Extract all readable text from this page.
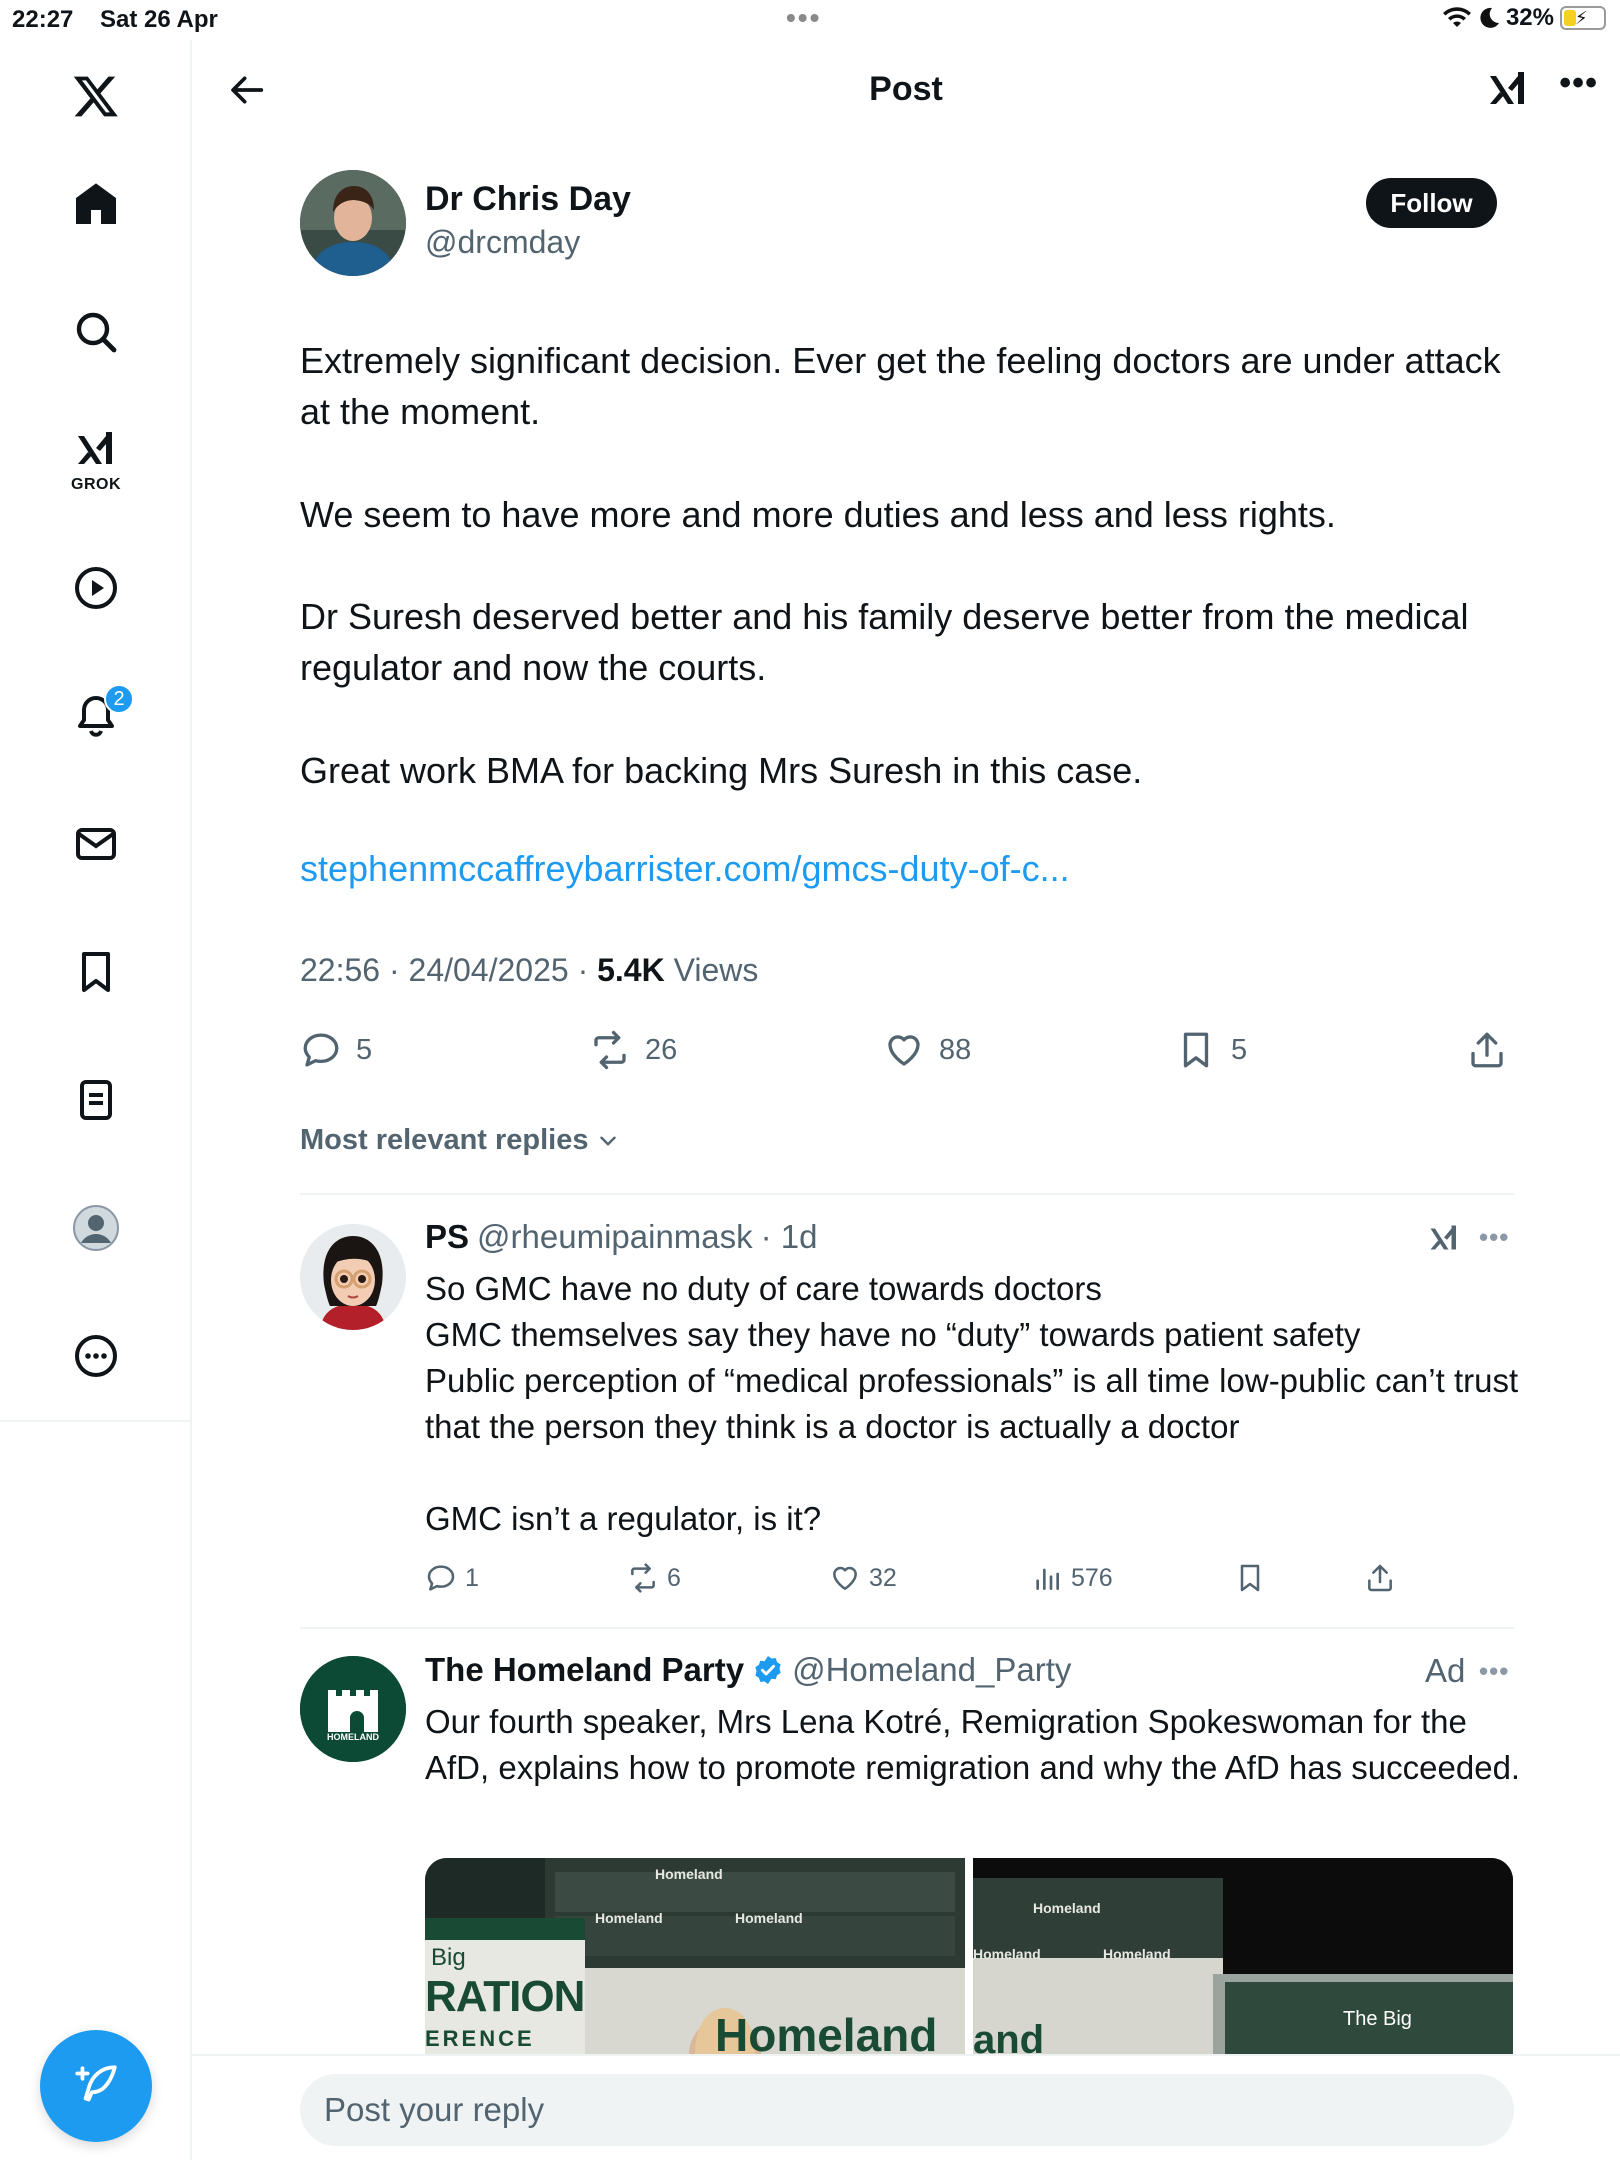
22:27 Sat 26 Apr	•••	32% ⚡
GROK
2
Post	•••
Dr Chris Day
@drcmday
Follow
Extremely significant decision. Ever get the feeling doctors are under attack at the moment.
We seem to have more and more duties and less and less rights.
Dr Suresh deserved better and his family deserve better from the medical regulator and now the courts.
Great work BMA for backing Mrs Suresh in this case.
stephenmccaffreybarrister.com/gmcs-duty-of-c...
22:56 · 24/04/2025 · 5.4K Views
5	26	88	5
Most relevant replies
PS @rheumipainmask · 1d	•••
So GMC have no duty of care towards doctors
GMC themselves say they have no “duty” towards patient safety
Public perception of “medical professionals” is all time low-public can’t trust that the person they think is a doctor is actually a doctor
GMC isn’t a regulator, is it?
1	6	32	576
HOMELAND
The Homeland Party @Homeland_Party	Ad •••
Our fourth speaker, Mrs Lena Kotré, Remigration Spokeswoman for the AfD, explains how to promote remigration and why the AfD has succeeded.
Homeland
Homeland	Homeland
Big
RATION
ERENCE	Homeland
Homeland
Homeland	Homeland
and	The Big
Post your reply
